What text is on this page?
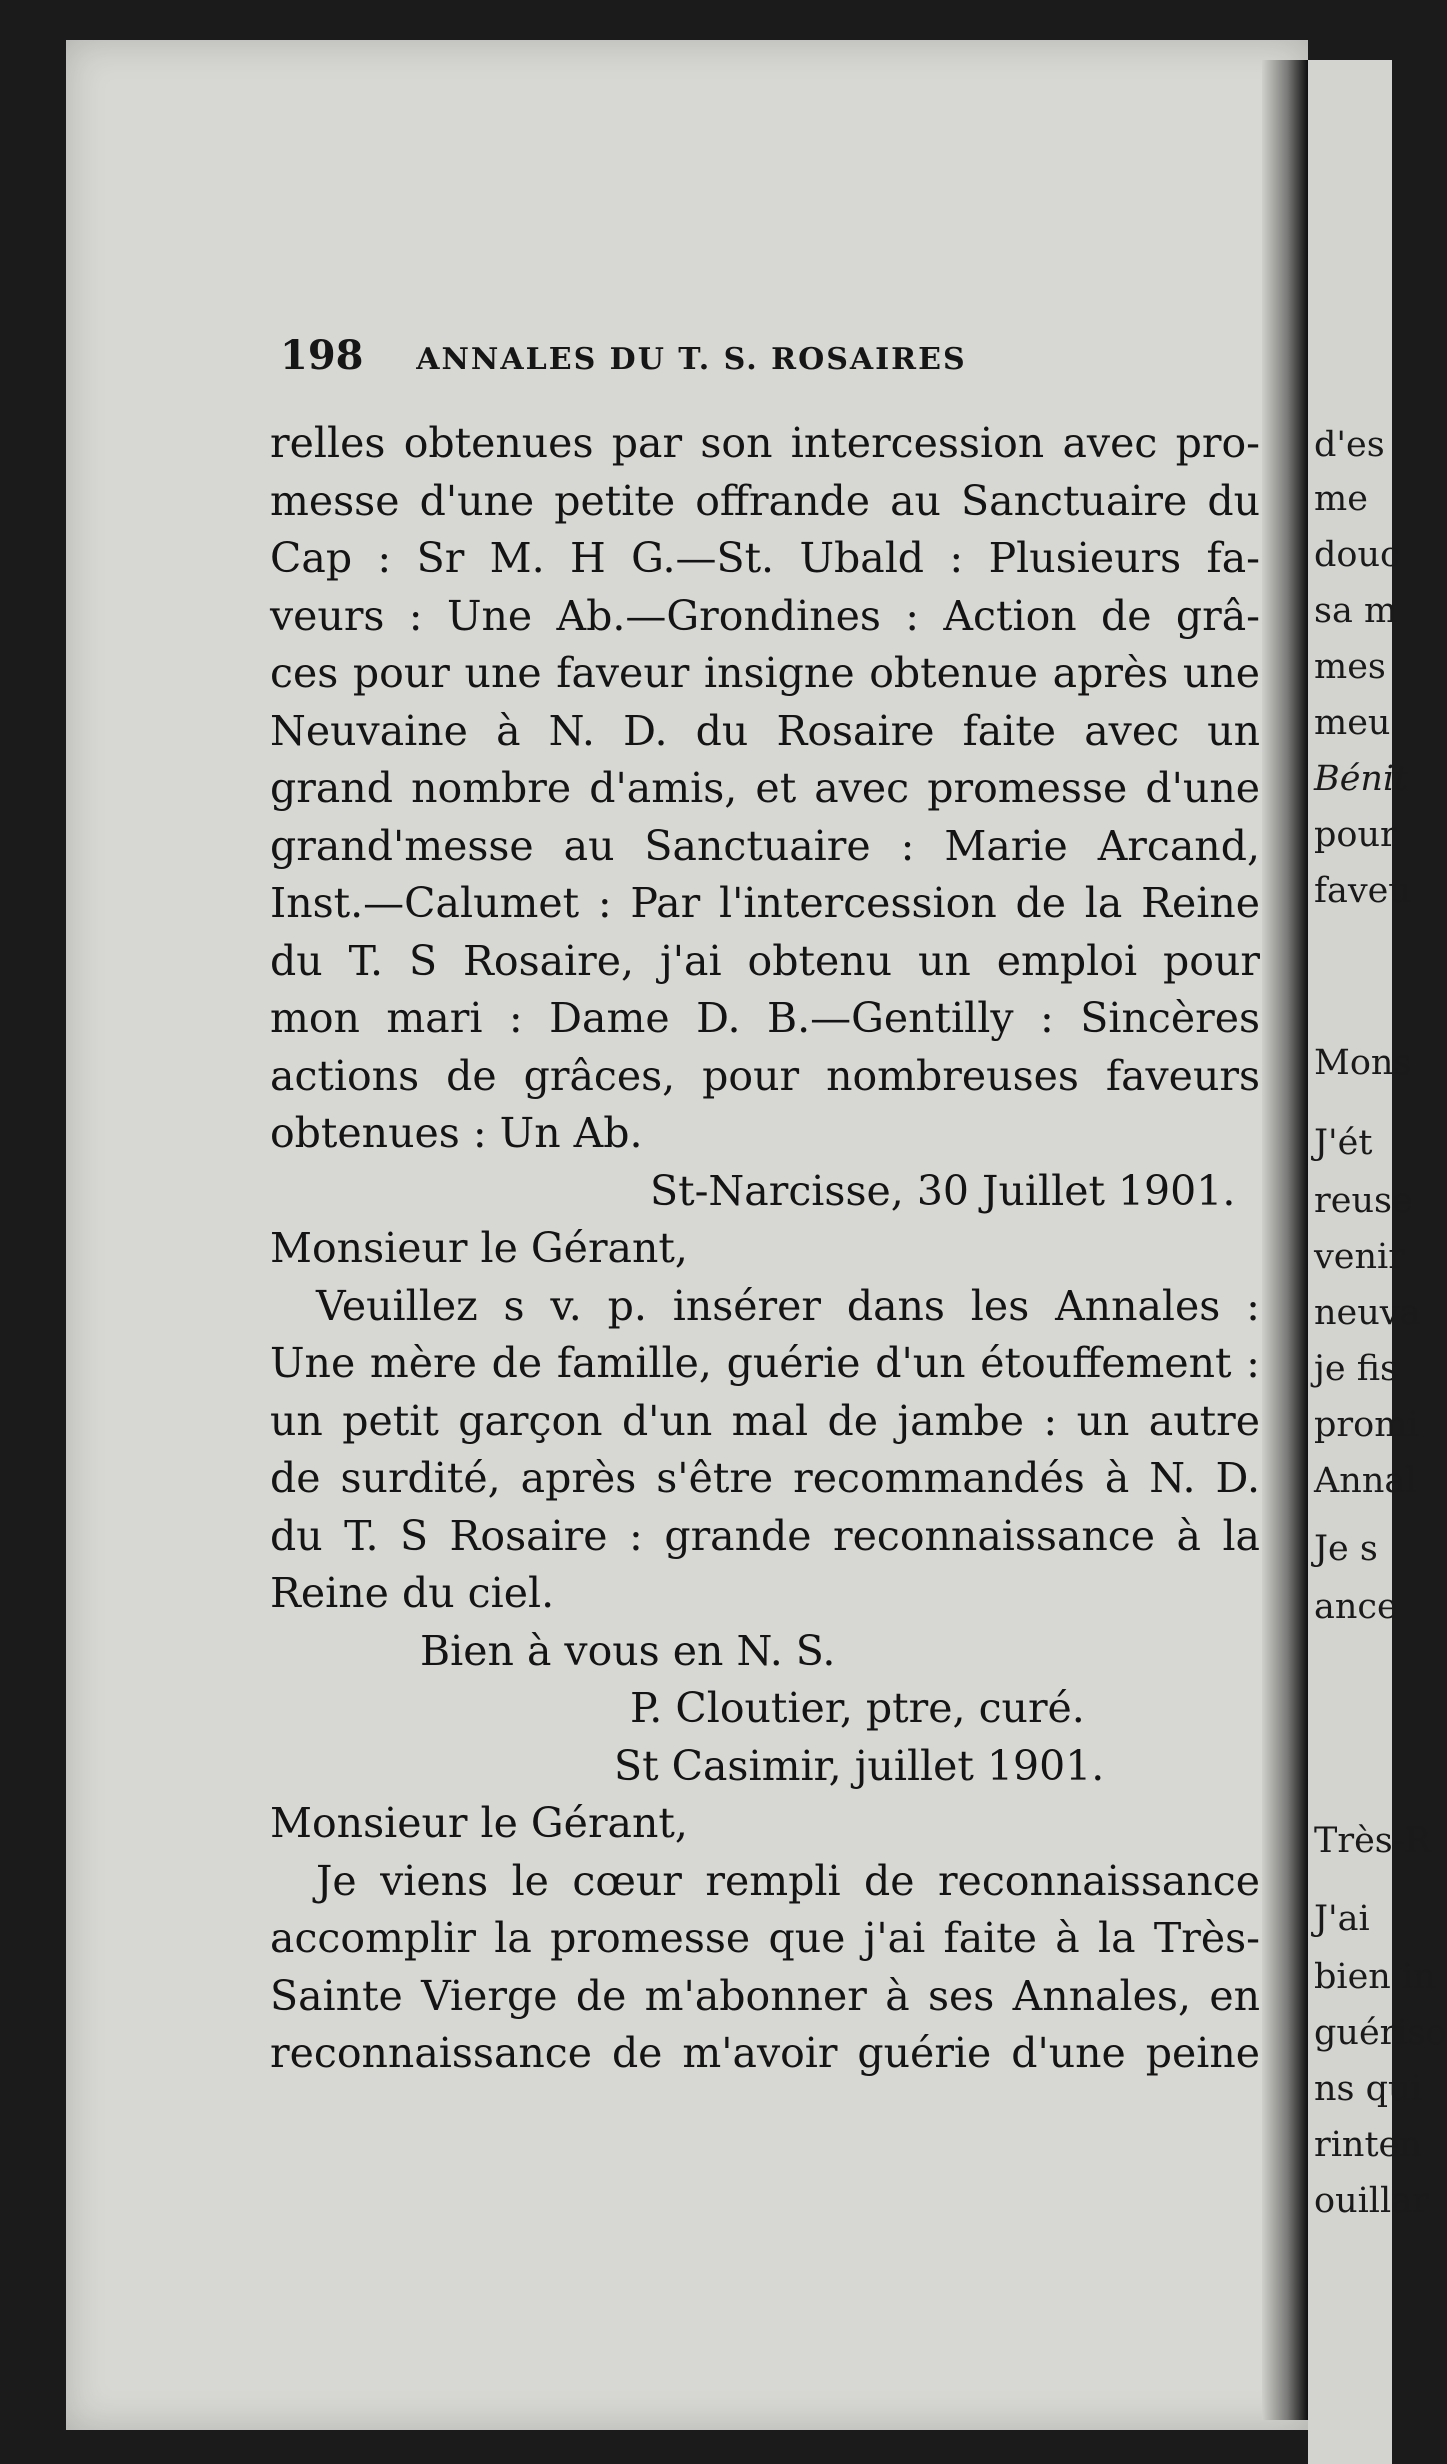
d'es
me
douc
sa m
mes
meu
Bénit
pour
faveu
Mons
J'ét
reuse
venir
neuva
je fis
promi
Annal
Je s
ance
Très-R
J'ai
bien in
guériso
ns qui
rinten
ouillar
198 ANNALES DU T. S. ROSAIRES
relles obtenues par son intercession avec pro-
messe d'une petite offrande au Sanctuaire du
Cap : Sr M. H G.—St. Ubald : Plusieurs fa-
veurs : Une Ab.—Grondines : Action de grâ-
ces pour une faveur insigne obtenue après une
Neuvaine à N. D. du Rosaire faite avec un
grand nombre d'amis, et avec promesse d'une
grand'messe au Sanctuaire : Marie Arcand,
Inst.—Calumet : Par l'intercession de la Reine
du T. S Rosaire, j'ai obtenu un emploi pour
mon mari : Dame D. B.—Gentilly : Sincères
actions de grâces, pour nombreuses faveurs
obtenues : Un Ab.
St-Narcisse, 30 Juillet 1901.
Monsieur le Gérant,
Veuillez s v. p. insérer dans les Annales :
Une mère de famille, guérie d'un étouffement :
un petit garçon d'un mal de jambe : un autre
de surdité, après s'être recommandés à N. D.
du T. S Rosaire : grande reconnaissance à la
Reine du ciel.
Bien à vous en N. S.
P. Cloutier, ptre, curé.
St Casimir, juillet 1901.
Monsieur le Gérant,
Je viens le cœur rempli de reconnaissance
accomplir la promesse que j'ai faite à la Très-
Sainte Vierge de m'abonner à ses Annales, en
reconnaissance de m'avoir guérie d'une peine
